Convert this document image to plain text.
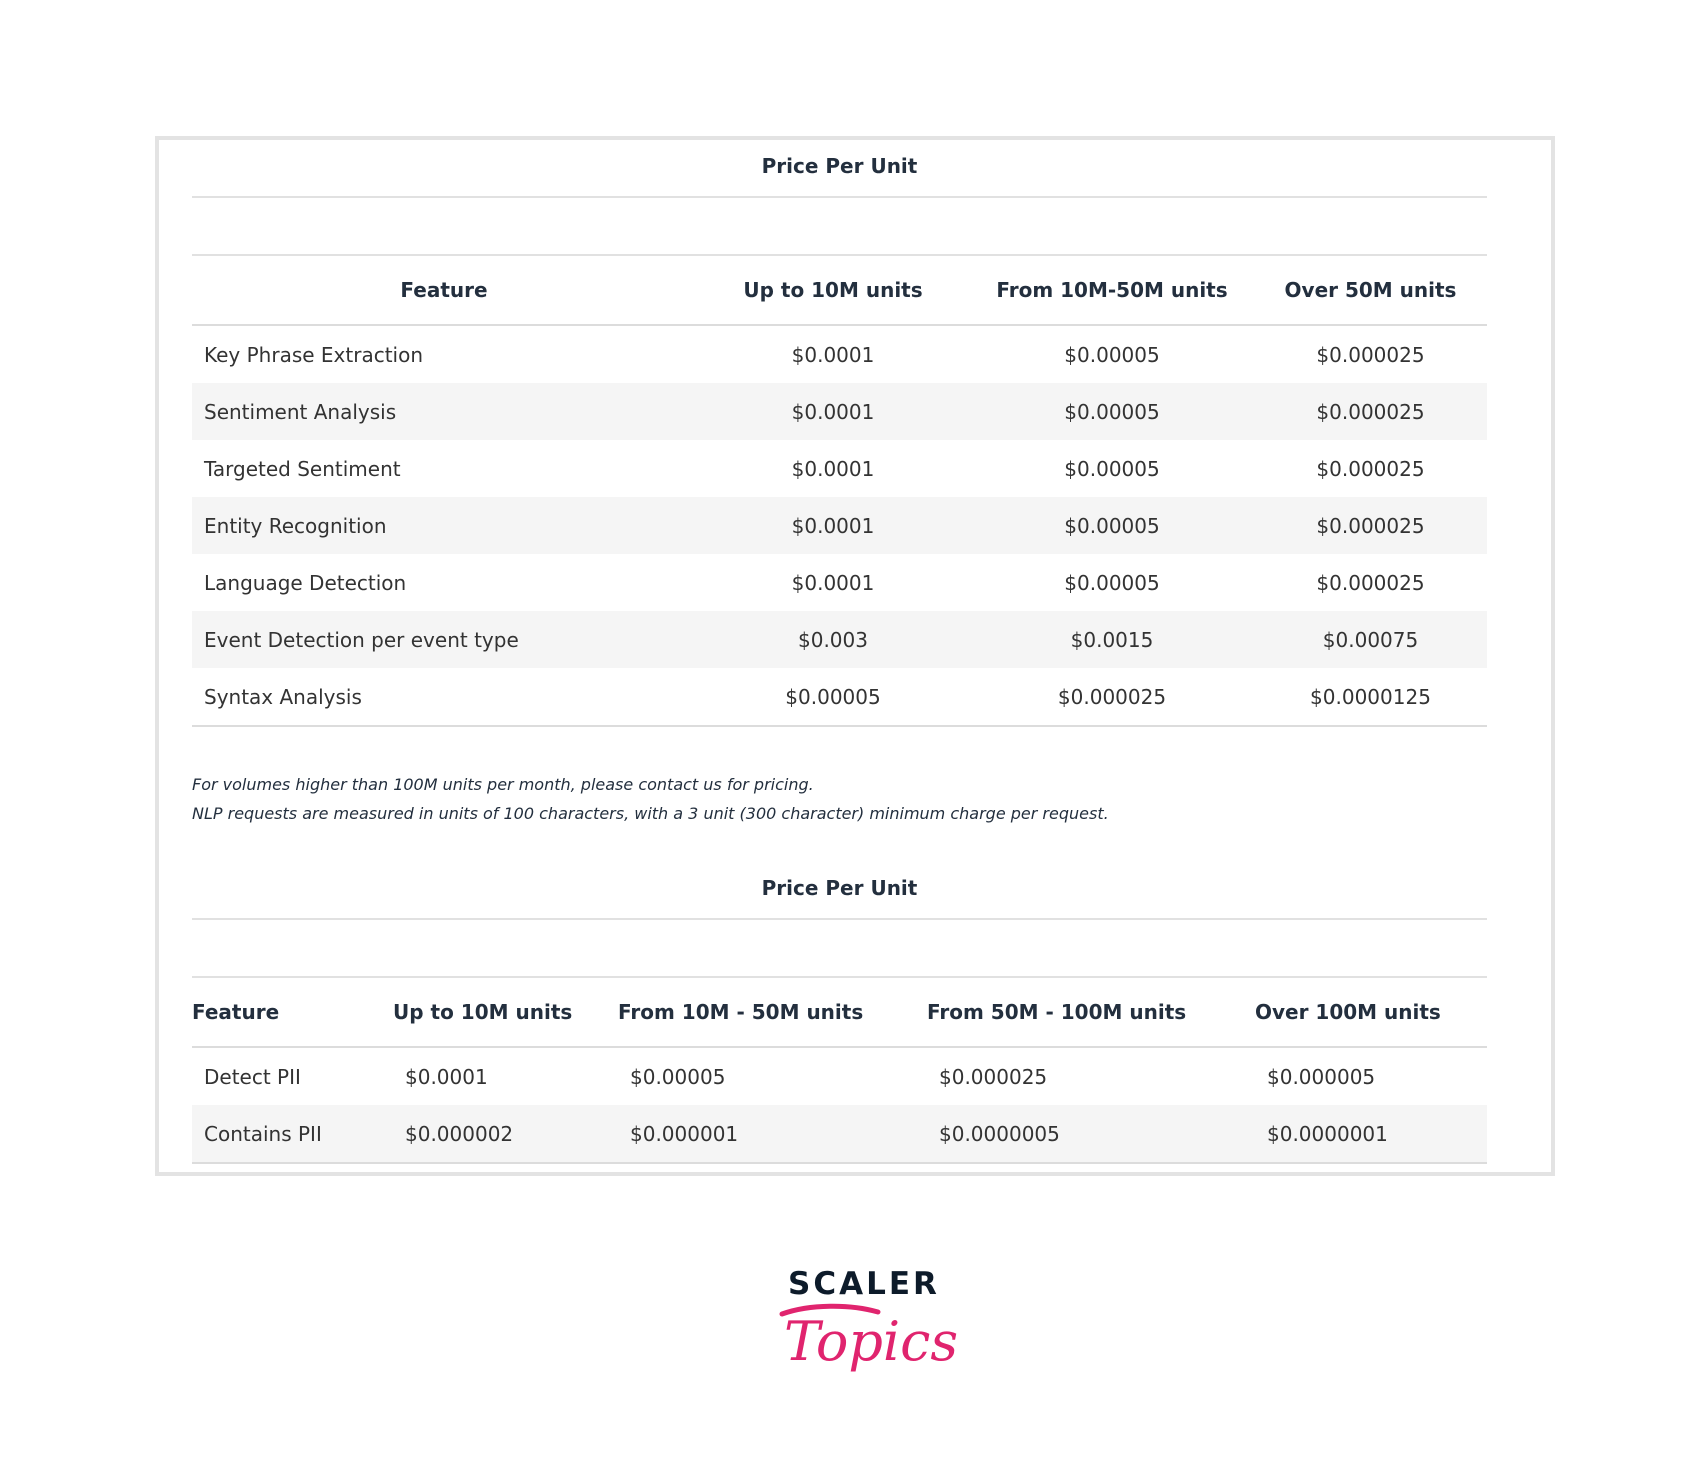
Price Per Unit
Feature	Up to 10M units	From 10M-50M units	Over 50M units
Key Phrase Extraction	$0.0001	$0.00005	$0.000025
Sentiment Analysis	$0.0001	$0.00005	$0.000025
Targeted Sentiment	$0.0001	$0.00005	$0.000025
Entity Recognition	$0.0001	$0.00005	$0.000025
Language Detection	$0.0001	$0.00005	$0.000025
Event Detection per event type	$0.003	$0.0015	$0.00075
Syntax Analysis	$0.00005	$0.000025	$0.0000125
For volumes higher than 100M units per month, please contact us for pricing.
NLP requests are measured in units of 100 characters, with a 3 unit (300 character) minimum charge per request.
Price Per Unit
Feature	Up to 10M units	From 10M - 50M units	From 50M - 100M units	Over 100M units
Detect PII	$0.0001	$0.00005	$0.000025	$0.000005
Contains PII	$0.000002	$0.000001	$0.0000005	$0.0000001
SCALER
Topics
